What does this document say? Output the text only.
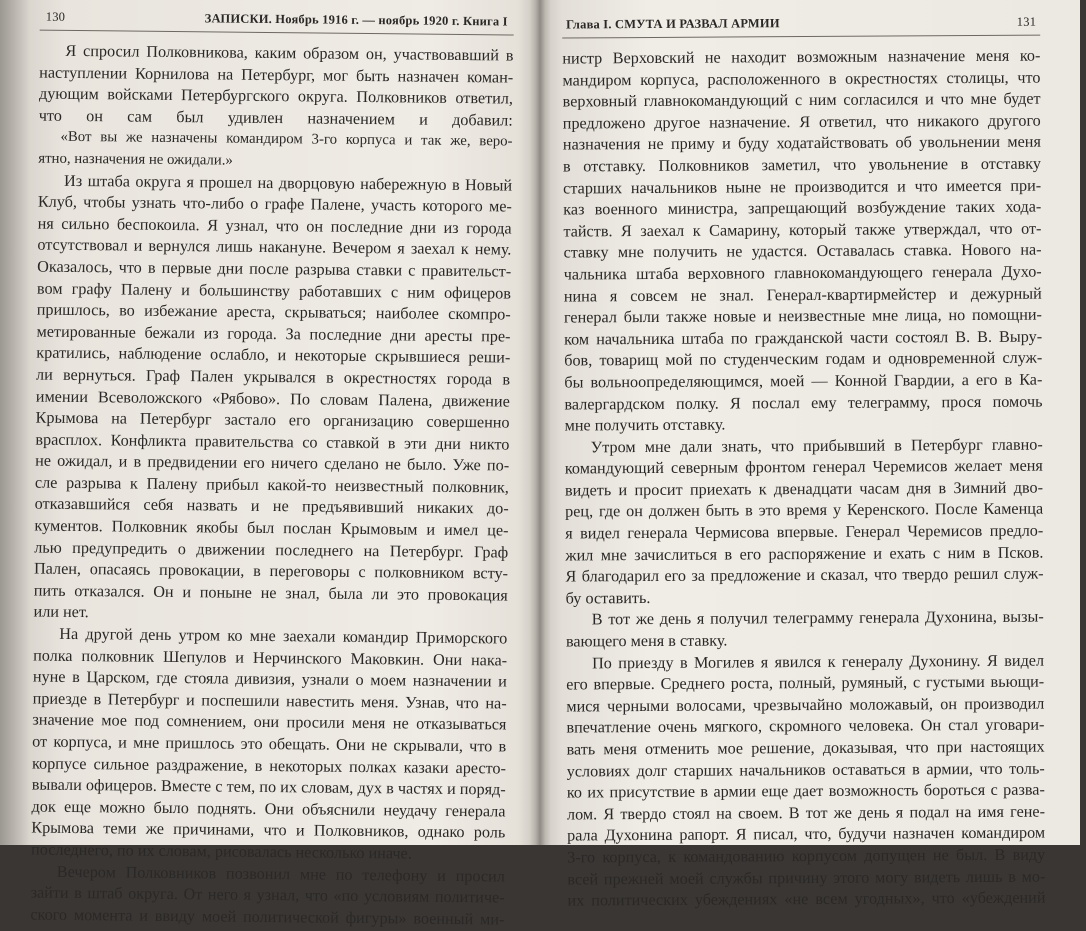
130	ЗАПИСКИ. Ноябрь 1916 г. — ноябрь 1920 г. Книга I
Я спросил Полковникова, каким образом он, участвовавший в
наступлении Корнилова на Петербург, мог быть назначен коман-
дующим войсками Петербургского округа. Полковников ответил,
что он сам был удивлен назначением и добавил:
«Вот вы же назначены командиром 3-го корпуса и так же, веро-
ятно, назначения не ожидали.»
Из штаба округа я прошел на дворцовую набережную в Новый
Клуб, чтобы узнать что-либо о графе Палене, участь которого ме-
ня сильно беспокоила. Я узнал, что он последние дни из города
отсутствовал и вернулся лишь накануне. Вечером я заехал к нему.
Оказалось, что в первые дни после разрыва ставки с правительст-
вом графу Палену и большинству работавших с ним офицеров
пришлось, во избежание ареста, скрываться; наиболее скомпро-
метированные бежали из города. За последние дни аресты пре-
кратились, наблюдение ослабло, и некоторые скрывшиеся реши-
ли вернуться. Граф Пален укрывался в окрестностях города в
имении Всеволожского «Рябово». По словам Палена, движение
Крымова на Петербург застало его организацию совершенно
врасплох. Конфликта правительства со ставкой в эти дни никто
не ожидал, и в предвидении его ничего сделано не было. Уже по-
сле разрыва к Палену прибыл какой-то неизвестный полковник,
отказавшийся себя назвать и не предъявивший никаких до-
кументов. Полковник якобы был послан Крымовым и имел це-
лью предупредить о движении последнего на Петербург. Граф
Пален, опасаясь провокации, в переговоры с полковником всту-
пить отказался. Он и поныне не знал, была ли это провокация
или нет.
На другой день утром ко мне заехали командир Приморского
полка полковник Шепулов и Нерчинского Маковкин. Они нака-
нуне в Царском, где стояла дивизия, узнали о моем назначении и
приезде в Петербург и поспешили навестить меня. Узнав, что на-
значение мое под сомнением, они просили меня не отказываться
от корпуса, и мне пришлось это обещать. Они не скрывали, что в
корпусе сильное раздражение, в некоторых полках казаки аресто-
вывали офицеров. Вместе с тем, по их словам, дух в частях и поряд-
док еще можно было поднять. Они объяснили неудачу генерала
Крымова теми же причинами, что и Полковников, однако роль
последнего, по их словам, рисовалась несколько иначе.
Вечером Полковников позвонил мне по телефону и просил
зайти в штаб округа. От него я узнал, что «по условиям политиче-
ского момента и ввиду моей политической фигуры» военный ми-
Глава I. СМУТА И РАЗВАЛ АРМИИ	131
нистр Верховский не находит возможным назначение меня ко-
мандиром корпуса, расположенного в окрестностях столицы, что
верховный главнокомандующий с ним согласился и что мне будет
предложено другое назначение. Я ответил, что никакого другого
назначения не приму и буду ходатайствовать об увольнении меня
в отставку. Полковников заметил, что увольнение в отставку
старших начальников ныне не производится и что имеется при-
каз военного министра, запрещающий возбуждение таких хода-
тайств. Я заехал к Самарину, который также утверждал, что от-
ставку мне получить не удастся. Оставалась ставка. Нового на-
чальника штаба верховного главнокомандующего генерала Духо-
нина я совсем не знал. Генерал-квартирмейстер и дежурный
генерал были также новые и неизвестные мне лица, но помощни-
ком начальника штаба по гражданской части состоял В. В. Выру-
бов, товарищ мой по студенческим годам и одновременной служ-
бы вольноопределяющимся, моей — Конной Гвардии, а его в Ка-
валергардском полку. Я послал ему телеграмму, прося помочь
мне получить отставку.
Утром мне дали знать, что прибывший в Петербург главно-
командующий северным фронтом генерал Черемисов желает меня
видеть и просит приехать к двенадцати часам дня в Зимний дво-
рец, где он должен быть в это время у Керенского. После Каменца
я видел генерала Чермисова впервые. Генерал Черемисов предло-
жил мне зачислиться в его распоряжение и ехать с ним в Псков.
Я благодарил его за предложение и сказал, что твердо решил служ-
бу оставить.
В тот же день я получил телеграмму генерала Духонина, вызы-
вающего меня в ставку.
По приезду в Могилев я явился к генералу Духонину. Я видел
его впервые. Среднего роста, полный, румяный, с густыми вьющи-
мися черными волосами, чрезвычайно моложавый, он производил
впечатление очень мягкого, скромного человека. Он стал уговари-
вать меня отменить мое решение, доказывая, что при настоящих
условиях долг старших начальников оставаться в армии, что толь-
ко их присутствие в армии еще дает возможность бороться с разва-
лом. Я твердо стоял на своем. В тот же день я подал на имя гене-
рала Духонина рапорт. Я писал, что, будучи назначен командиром
3-го корпуса, к командованию корпусом допущен не был. В виду
всей прежней моей службы причину этого могу видеть лишь в мо-
их политических убеждениях «не всем угодных», что «убеждений
